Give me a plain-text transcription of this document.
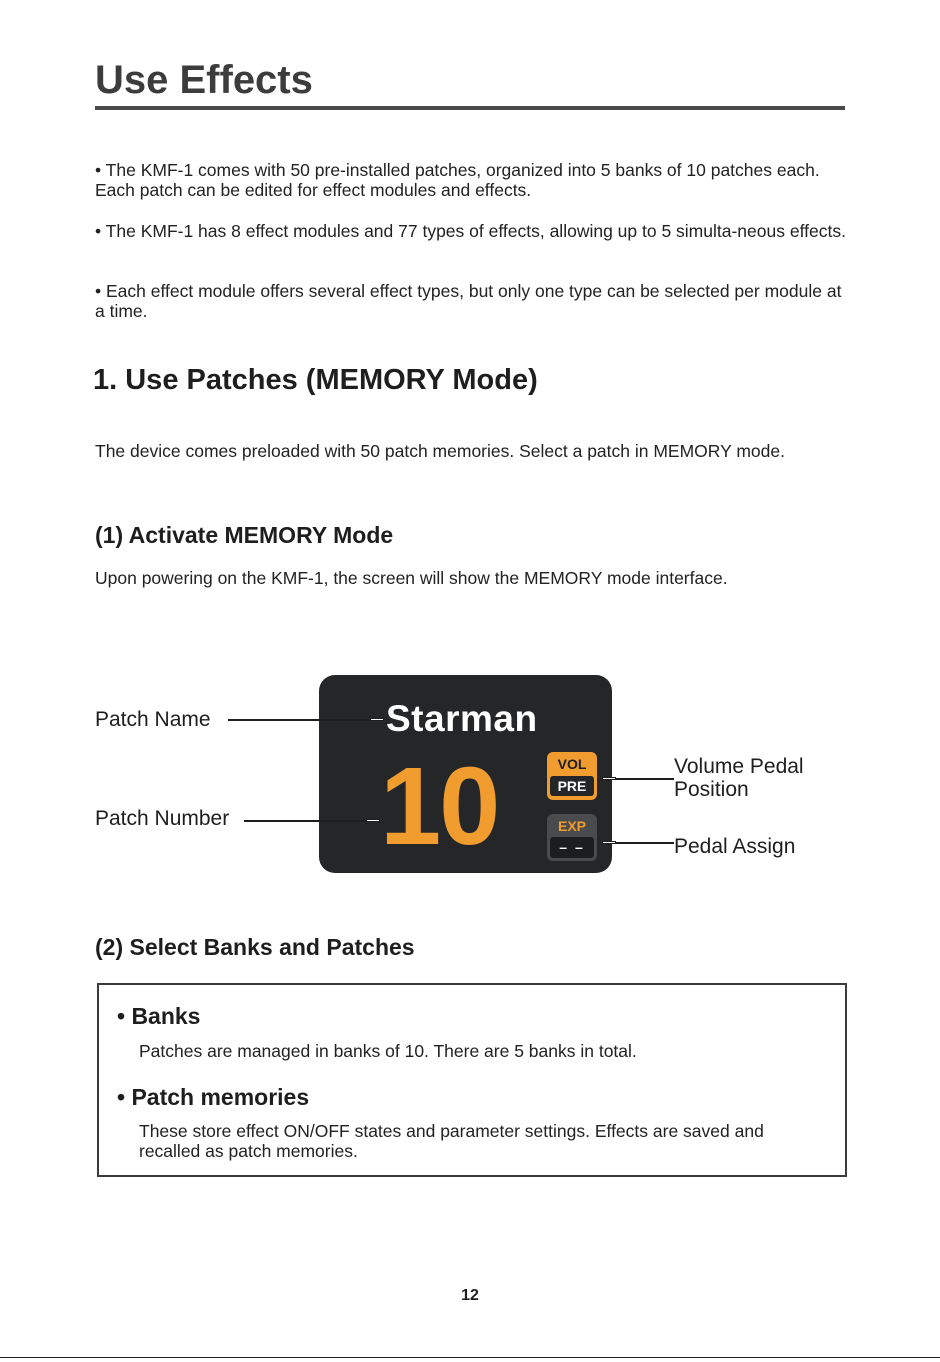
Use Effects

• The KMF-1 comes with 50 pre-installed patches, organized into 5 banks of 10 patches each. Each patch can be edited for effect modules and effects.

• The KMF-1 has 8 effect modules and 77 types of effects, allowing up to 5 simulta-neous effects.

• Each effect module offers several effect types, but only one type can be selected per module at a time.

1. Use Patches (MEMORY Mode)

The device comes preloaded with 50 patch memories. Select a patch in MEMORY mode.

(1) Activate MEMORY Mode

Upon powering on the KMF-1, the screen will show the MEMORY mode interface.

Starman
10	VOL
PRE
EXP
– –

Patch Name

Patch Number

Volume Pedal

Position

Pedal Assign

(2) Select Banks and Patches

• Banks

Patches are managed in banks of 10. There are 5 banks in total.

• Patch memories

These store effect ON/OFF states and parameter settings. Effects are saved and recalled as patch memories.

12
